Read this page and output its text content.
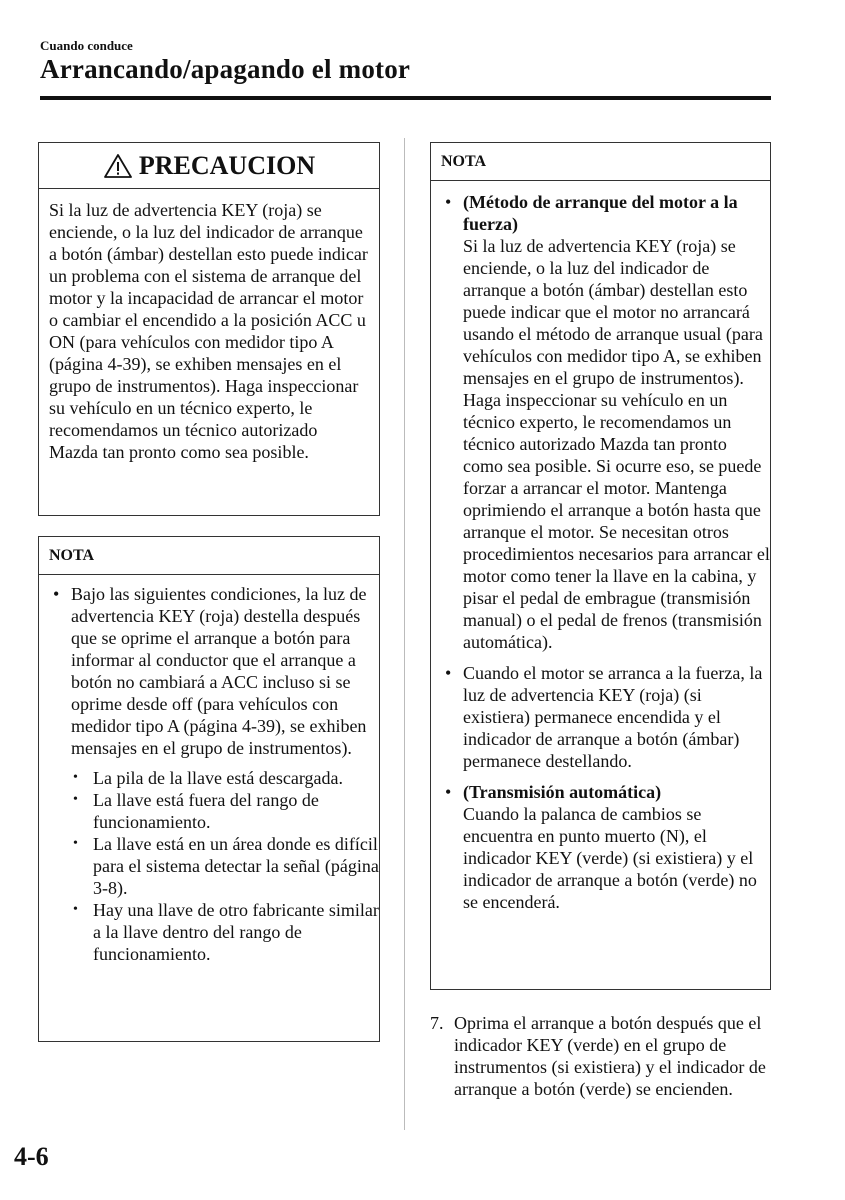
Cuando conduce
Arrancando/apagando el motor
PRECAUCION
Si la luz de advertencia KEY (roja) se enciende, o la luz del indicador de arranque a botón (ámbar) destellan esto puede indicar un problema con el sistema de arranque del motor y la incapacidad de arrancar el motor o cambiar el encendido a la posición ACC u ON (para vehículos con medidor tipo A (página 4-39), se exhiben mensajes en el grupo de instrumentos). Haga inspeccionar su vehículo en un técnico experto, le recomendamos un técnico autorizado Mazda tan pronto como sea posible.
NOTA
• Bajo las siguientes condiciones, la luz de advertencia KEY (roja) destella después que se oprime el arranque a botón para informar al conductor que el arranque a botón no cambiará a ACC incluso si se oprime desde off (para vehículos con medidor tipo A (página 4-39), se exhiben mensajes en el grupo de instrumentos).
• La pila de la llave está descargada.
• La llave está fuera del rango de funcionamiento.
• La llave está en un área donde es difícil para el sistema detectar la señal (página 3-8).
• Hay una llave de otro fabricante similar a la llave dentro del rango de funcionamiento.
NOTA
• (Método de arranque del motor a la fuerza)
Si la luz de advertencia KEY (roja) se enciende, o la luz del indicador de arranque a botón (ámbar) destellan esto puede indicar que el motor no arrancará usando el método de arranque usual (para vehículos con medidor tipo A, se exhiben mensajes en el grupo de instrumentos). Haga inspeccionar su vehículo en un técnico experto, le recomendamos un técnico autorizado Mazda tan pronto como sea posible. Si ocurre eso, se puede forzar a arrancar el motor. Mantenga oprimiendo el arranque a botón hasta que arranque el motor. Se necesitan otros procedimientos necesarios para arrancar el motor como tener la llave en la cabina, y pisar el pedal de embrague (transmisión manual) o el pedal de frenos (transmisión automática).
• Cuando el motor se arranca a la fuerza, la luz de advertencia KEY (roja) (si existiera) permanece encendida y el indicador de arranque a botón (ámbar) permanece destellando.
• (Transmisión automática)
Cuando la palanca de cambios se encuentra en punto muerto (N), el indicador KEY (verde) (si existiera) y el indicador de arranque a botón (verde) no se encenderá.
7. Oprima el arranque a botón después que el indicador KEY (verde) en el grupo de instrumentos (si existiera) y el indicador de arranque a botón (verde) se encienden.
4-6
